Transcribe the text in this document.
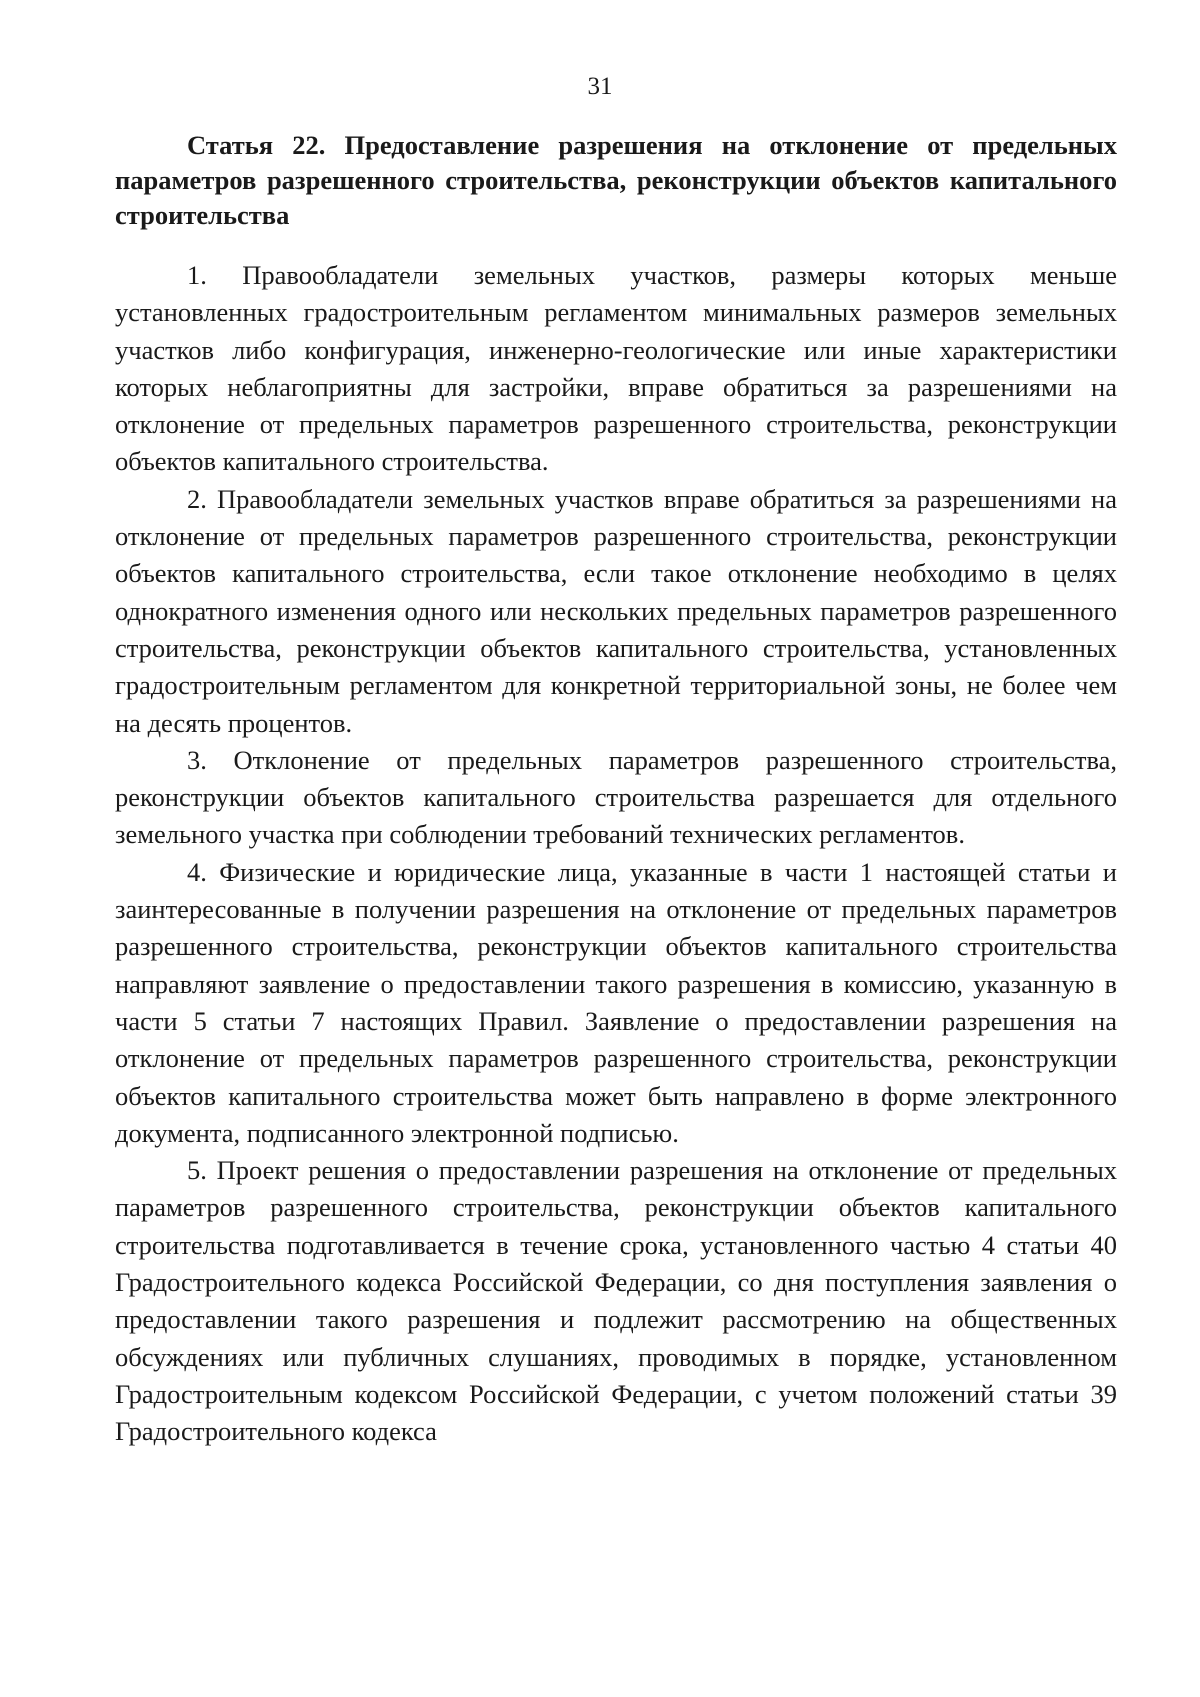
31
Статья 22. Предоставление разрешения на отклонение от предельных параметров разрешенного строительства, реконструкции объектов капитального строительства

1. Правообладатели земельных участков, размеры которых меньше установленных градостроительным регламентом минимальных размеров земельных участков либо конфигурация, инженерно-геологические или иные характеристики которых неблагоприятны для застройки, вправе обратиться за разрешениями на отклонение от предельных параметров разрешенного строительства, реконструкции объектов капитального строительства.

2. Правообладатели земельных участков вправе обратиться за разрешениями на отклонение от предельных параметров разрешенного строительства, реконструкции объектов капитального строительства, если такое отклонение необходимо в целях однократного изменения одного или нескольких предельных параметров разрешенного строительства, реконструкции объектов капитального строительства, установленных градостроительным регламентом для конкретной территориальной зоны, не более чем на десять процентов.

3. Отклонение от предельных параметров разрешенного строительства, реконструкции объектов капитального строительства разрешается для отдельного земельного участка при соблюдении требований технических регламентов.

4. Физические и юридические лица, указанные в части 1 настоящей статьи и заинтересованные в получении разрешения на отклонение от предельных параметров разрешенного строительства, реконструкции объектов капитального строительства направляют заявление о предоставлении такого разрешения в комиссию, указанную в части 5 статьи 7 настоящих Правил. Заявление о предоставлении разрешения на отклонение от предельных параметров разрешенного строительства, реконструкции объектов капитального строительства может быть направлено в форме электронного документа, подписанного электронной подписью.

5. Проект решения о предоставлении разрешения на отклонение от предельных параметров разрешенного строительства, реконструкции объектов капитального строительства подготавливается в течение срока, установленного частью 4 статьи 40 Градостроительного кодекса Российской Федерации, со дня поступления заявления о предоставлении такого разрешения и подлежит рассмотрению на общественных обсуждениях или публичных слушаниях, проводимых в порядке, установленном Градостроительным кодексом Российской Федерации, с учетом положений статьи 39 Градостроительного кодекса
